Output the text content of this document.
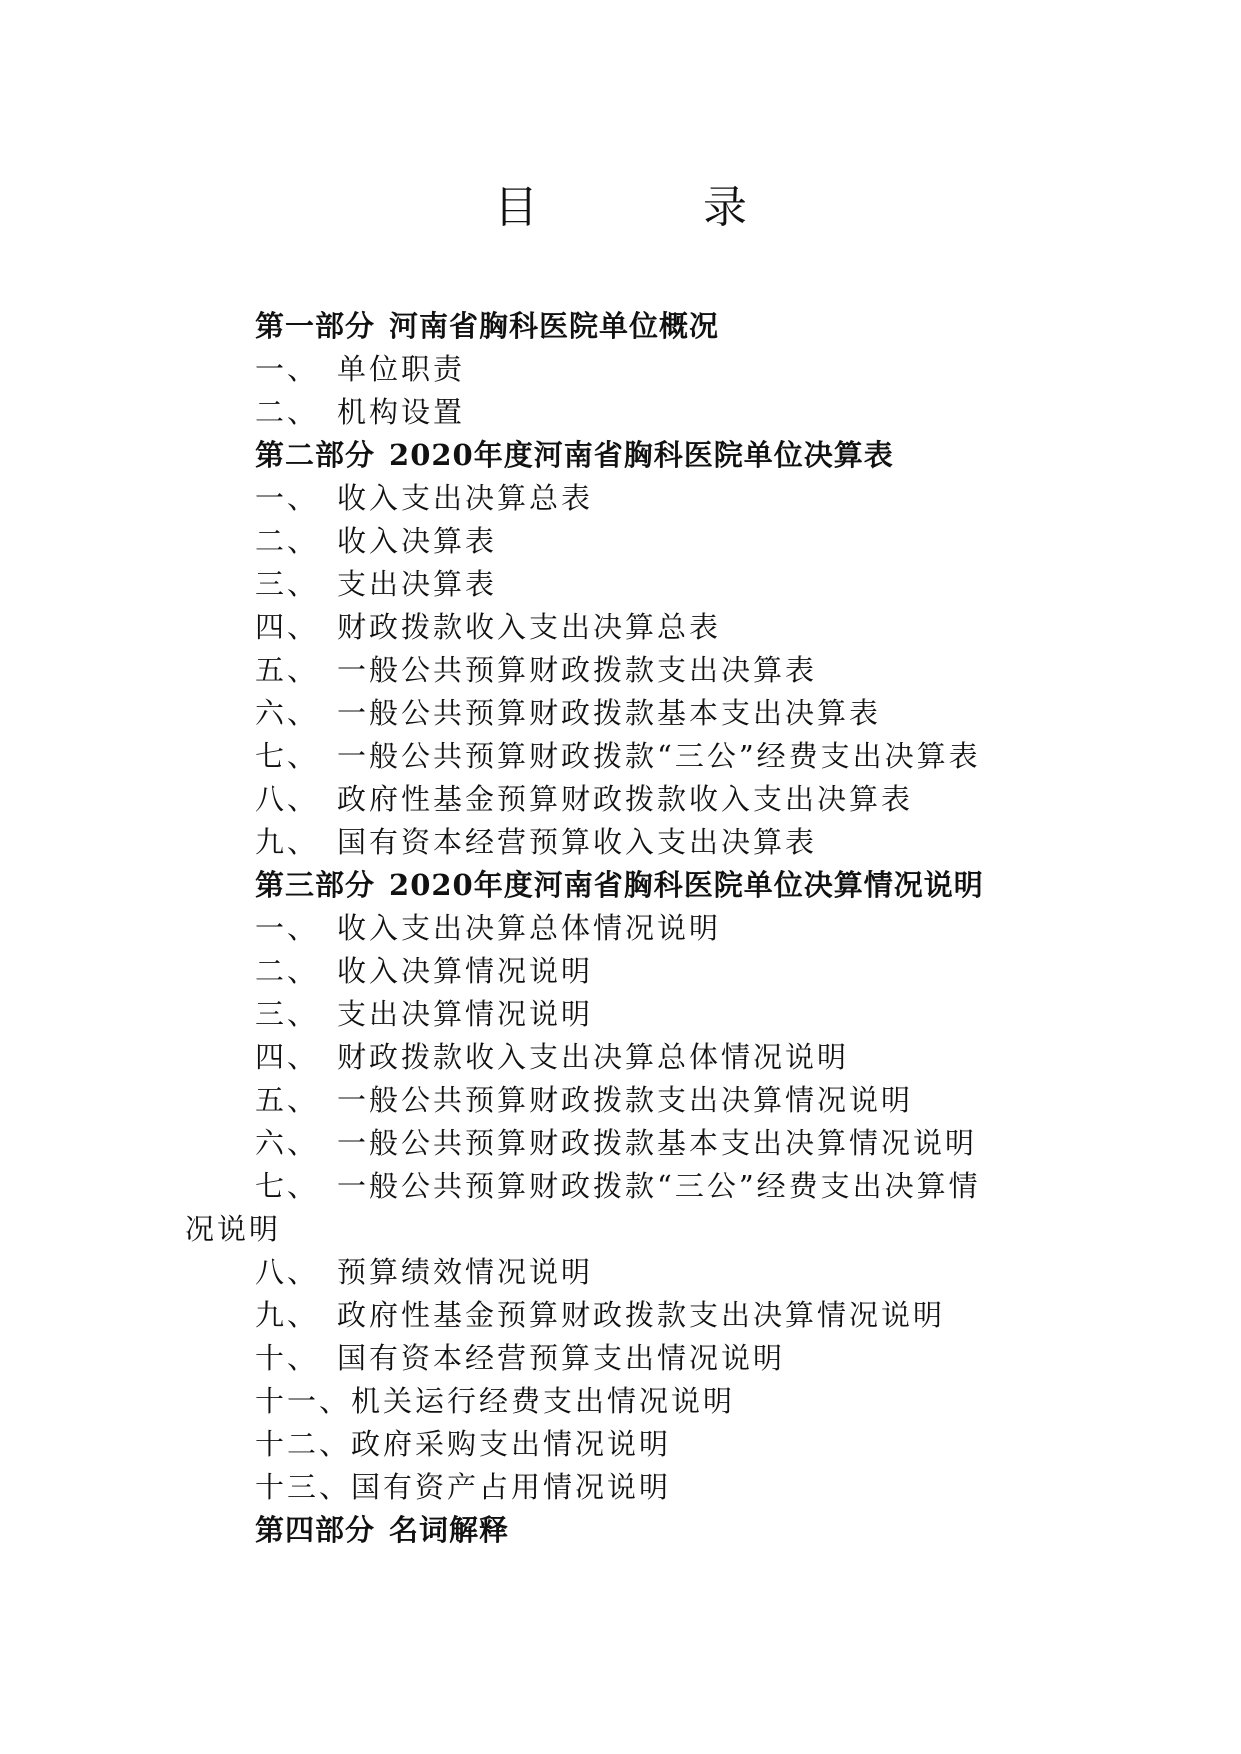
目	录
第一部分 河南省胸科医院单位概况
一、 单位职责
二、 机构设置
第二部分 2020年度河南省胸科医院单位决算表
一、 收入支出决算总表
二、 收入决算表
三、 支出决算表
四、 财政拨款收入支出决算总表
五、 一般公共预算财政拨款支出决算表
六、 一般公共预算财政拨款基本支出决算表
七、 一般公共预算财政拨款“三公”经费支出决算表
八、 政府性基金预算财政拨款收入支出决算表
九、 国有资本经营预算收入支出决算表
第三部分 2020年度河南省胸科医院单位决算情况说明
一、 收入支出决算总体情况说明
二、 收入决算情况说明
三、 支出决算情况说明
四、 财政拨款收入支出决算总体情况说明
五、 一般公共预算财政拨款支出决算情况说明
六、 一般公共预算财政拨款基本支出决算情况说明
七、 一般公共预算财政拨款“三公”经费支出决算情
况说明
八、 预算绩效情况说明
九、 政府性基金预算财政拨款支出决算情况说明
十、 国有资本经营预算支出情况说明
十一、机关运行经费支出情况说明
十二、政府采购支出情况说明
十三、国有资产占用情况说明
第四部分 名词解释
